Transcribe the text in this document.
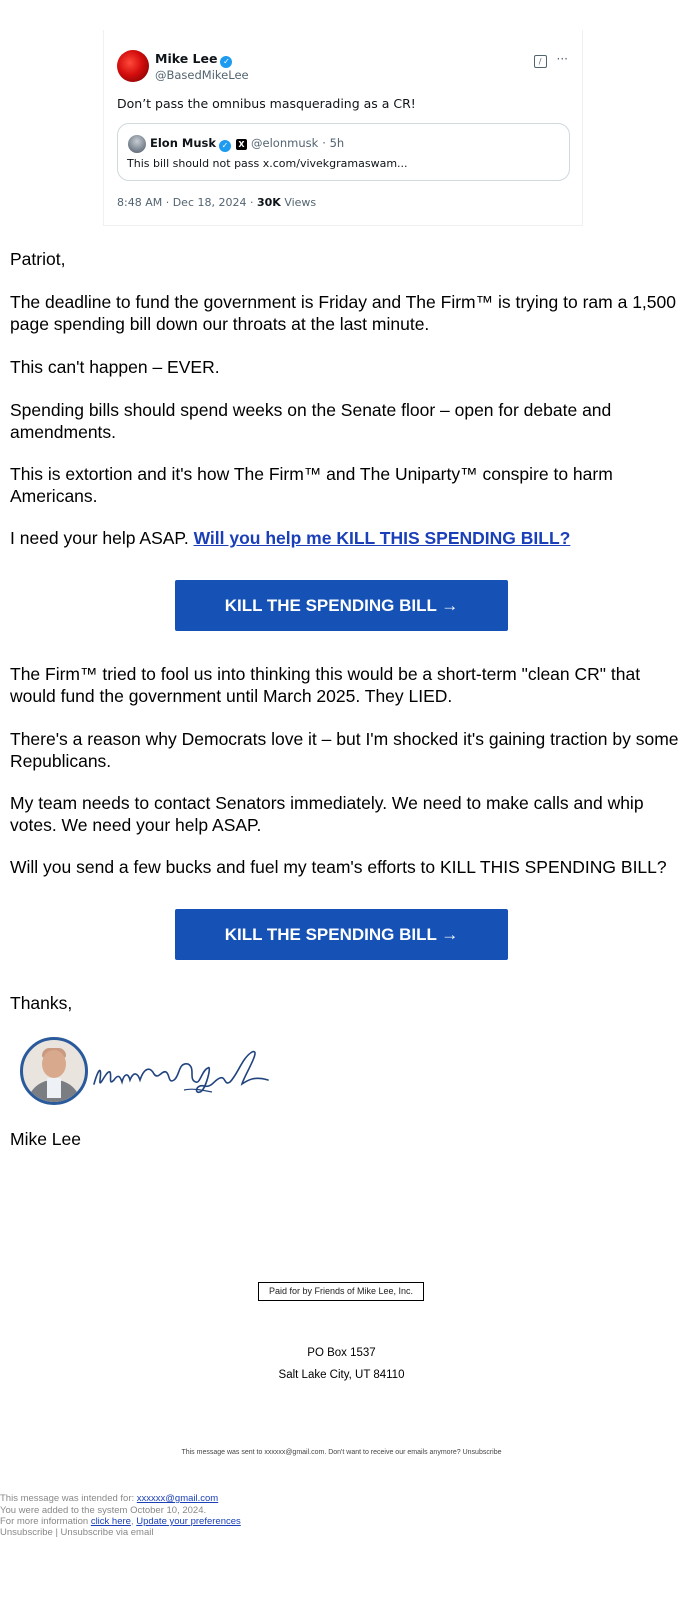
Mike Lee ✓
@BasedMikeLee
/ ···
Don’t pass the omnibus masquerading as a CR!
Elon Musk ✓ X @elonmusk · 5h
This bill should not pass x.com/vivekgramaswam...
8:48 AM · Dec 18, 2024 · 30K Views

Patriot,

The deadline to fund the government is Friday and The Firm™ is trying to ram a 1,500 page spending bill down our throats at the last minute.

This can't happen – EVER.

Spending bills should spend weeks on the Senate floor – open for debate and amendments.

This is extortion and it's how The Firm™ and The Uniparty™ conspire to harm Americans.

I need your help ASAP. Will you help me KILL THIS SPENDING BILL?

KILL THE SPENDING BILL →

The Firm™ tried to fool us into thinking this would be a short-term "clean CR" that would fund the government until March 2025. They LIED.

There's a reason why Democrats love it – but I'm shocked it's gaining traction by some Republicans.

My team needs to contact Senators immediately. We need to make calls and whip votes. We need your help ASAP.

Will you send a few bucks and fuel my team's efforts to KILL THIS SPENDING BILL?

KILL THE SPENDING BILL →

Thanks,

Mike Lee

Paid for by Friends of Mike Lee, Inc.
PO Box 1537
Salt Lake City, UT 84110
This message was sent to xxxxxx@gmail.com. Don't want to receive our emails anymore? Unsubscribe
This message was intended for: xxxxxx@gmail.com
You were added to the system October 10, 2024.
For more information click here, Update your preferences
Unsubscribe | Unsubscribe via email
